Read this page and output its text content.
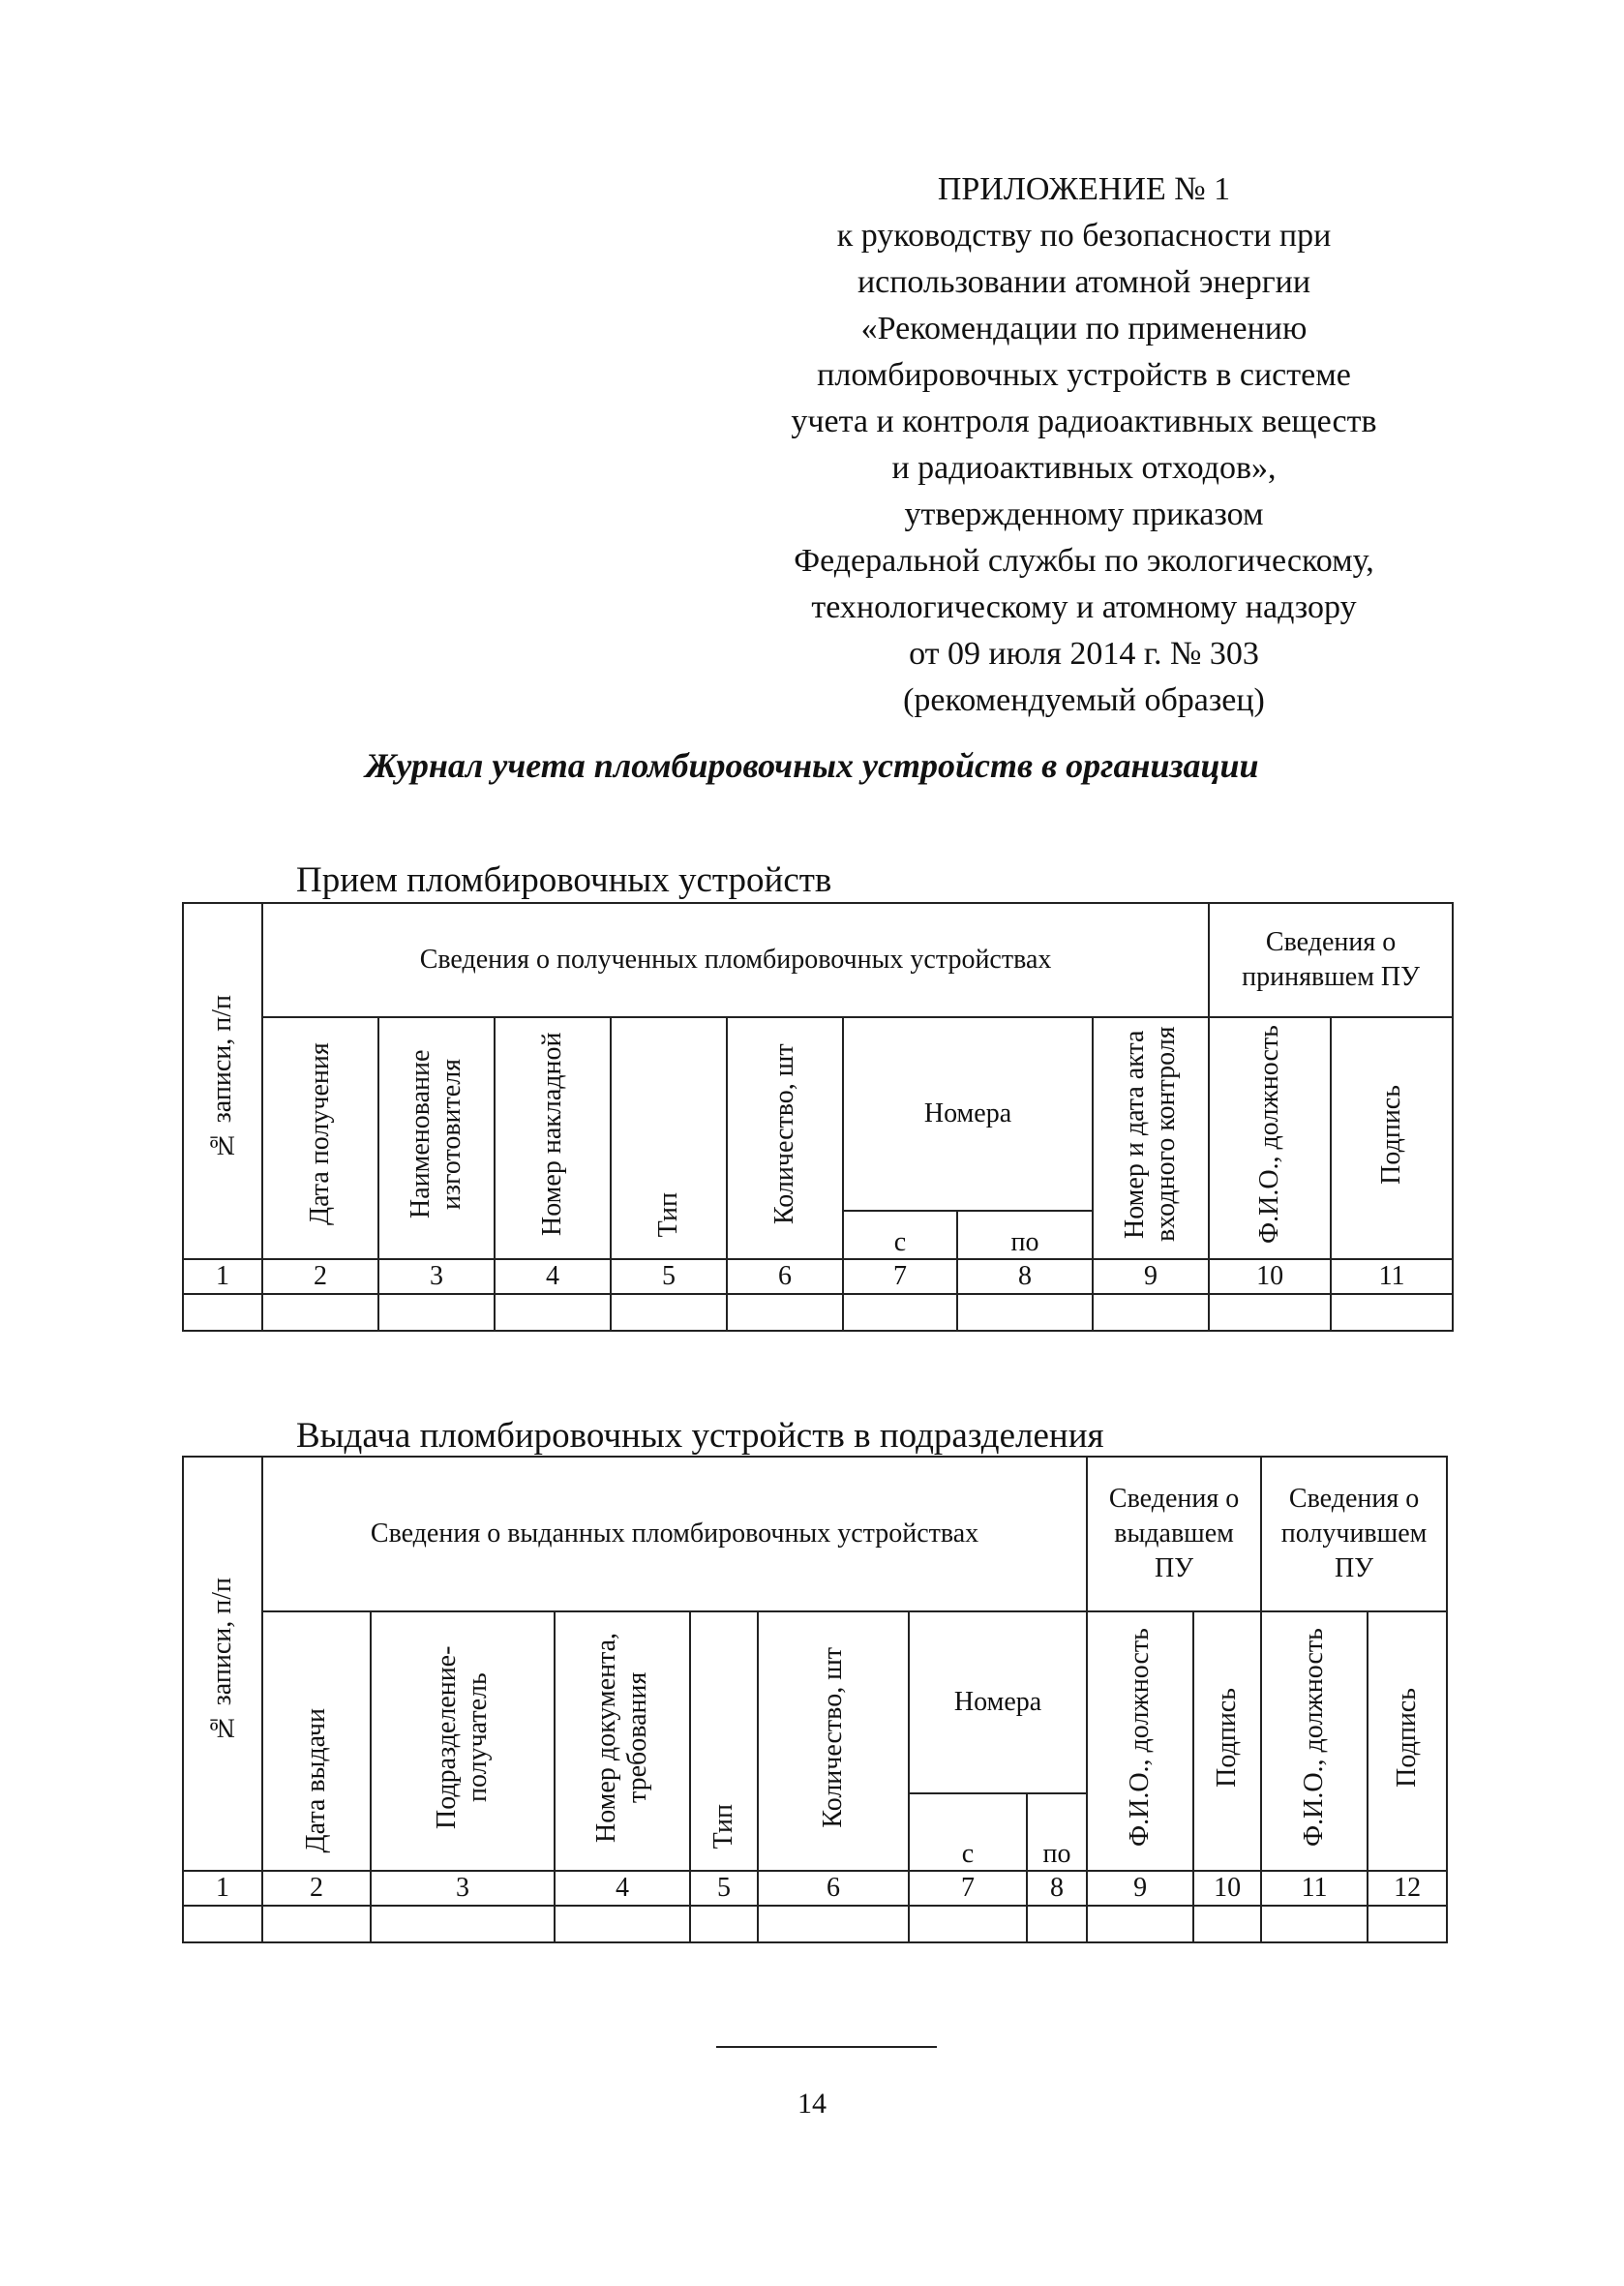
ПРИЛОЖЕНИЕ № 1
к руководству по безопасности при
использовании атомной энергии
«Рекомендации по применению
пломбировочных устройств в системе
учета и контроля радиоактивных веществ
и радиоактивных отходов»,
утвержденному приказом
Федеральной службы по экологическому,
технологическому и атомному надзору
от 09 июля 2014 г. № 303
(рекомендуемый образец)
Журнал учета пломбировочных устройств в организации
Прием пломбировочных устройств
№ записи, п/п	Сведения о полученных пломбировочных устройствах								Сведения о принявшем ПУ	

	Дата получения	Наименование изготовителя	Номер накладной	Тип	Количество, шт	Номера		Номер и дата акта входного контроля	Ф.И.О., должность	Подпись
						с	по			
1	2	3	4	5	6	7	8	9	10	11

Выдача пломбировочных устройств в подразделения
№ записи, п/п	Сведения о выданных пломбировочных устройствах							Сведения о выдавшем ПУ		Сведения о получившем ПУ	

	Дата выдачи	Подразделение-получатель	Номер документа, требования	Тип	Количество, шт	Номера		Ф.И.О., должность	Подпись	Ф.И.О., должность	Подпись
						с	по				
1	2	3	4	5	6	7	8	9	10	11	12

14
